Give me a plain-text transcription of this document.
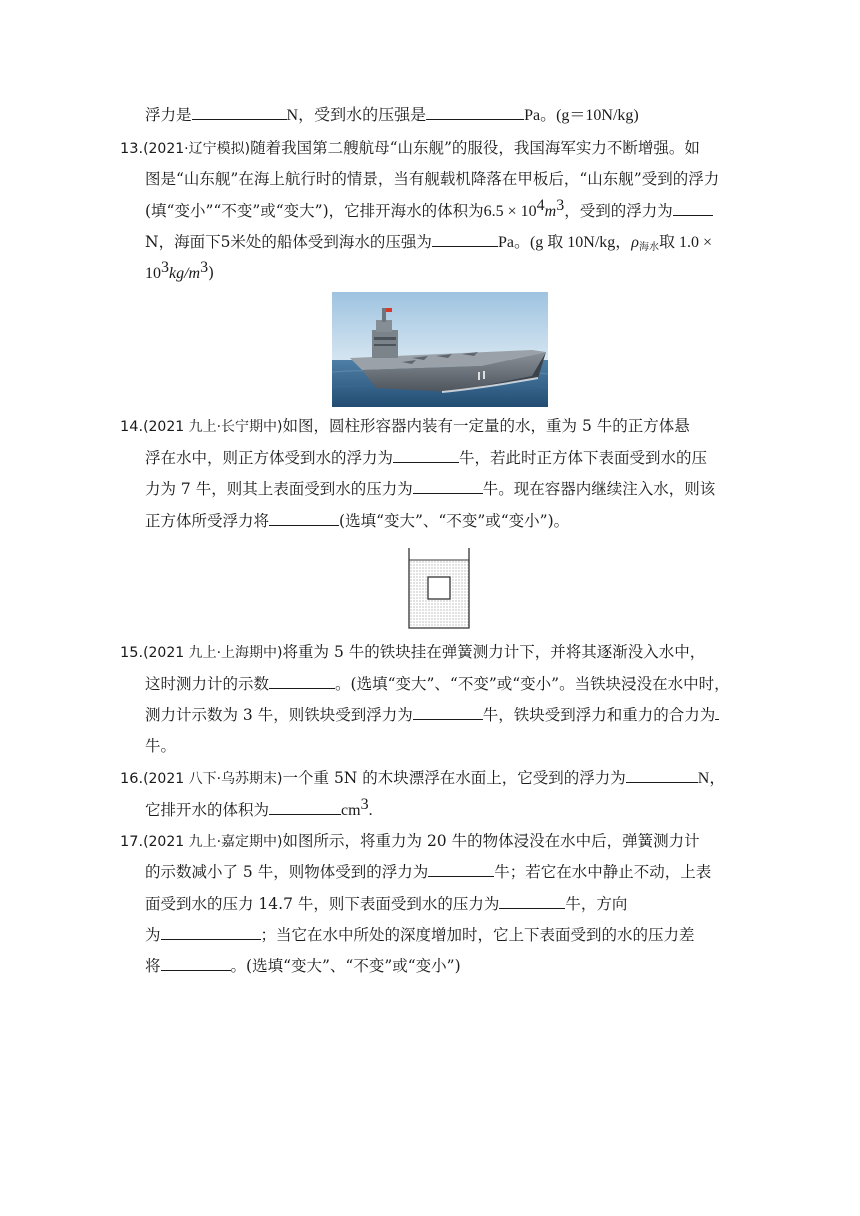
浮力是	N，受到水的压强是	Pa。(g＝10N/kg)
13.(2021·辽宁模拟)随着我国第二艘航母“山东舰”的服役，我国海军实力不断增强。如
图是“山东舰”在海上航行时的情景，当有舰载机降落在甲板后，“山东舰”受到的浮力
(填“变小”“不变”或“变大”)，它排开海水的体积为$6.5 \times 10^4m^3$，受到的浮力为
N，海面下5米处的船体受到海水的压强为	Pa。(g 取 10N/kg，$\rho_{海水}$取 1.0 ×
$10^3kg/m^3$)
14.(2021 九上·长宁期中)如图，圆柱形容器内装有一定量的水，重为 5 牛的正方体悬
浮在水中，则正方体受到水的浮力为	牛，若此时正方体下表面受到水的压
力为 7 牛，则其上表面受到水的压力为	牛。现在容器内继续注入水，则该
正方体所受浮力将	(选填“变大”、“不变”或“变小”)。
15.(2021 九上·上海期中)将重为 5 牛的铁块挂在弹簧测力计下，并将其逐渐没入水中，
这时测力计的示数	。(选填“变大”、“不变”或“变小”。当铁块浸没在水中时，
测力计示数为 3 牛，则铁块受到浮力为	牛，铁块受到浮力和重力的合力为
牛。
16.(2021 八下·乌苏期末)一个重 5N 的木块漂浮在水面上，它受到的浮力为	N，
它排开水的体积为	$cm^3$.
17.(2021 九上·嘉定期中)如图所示，将重力为 20 牛的物体浸没在水中后，弹簧测力计
的示数减小了 5 牛，则物体受到的浮力为	牛；若它在水中静止不动，上表
面受到水的压力 14.7 牛，则下表面受到水的压力为	牛，方向
为	；当它在水中所处的深度增加时，它上下表面受到的水的压力差
将	。(选填“变大”、“不变”或“变小”)
